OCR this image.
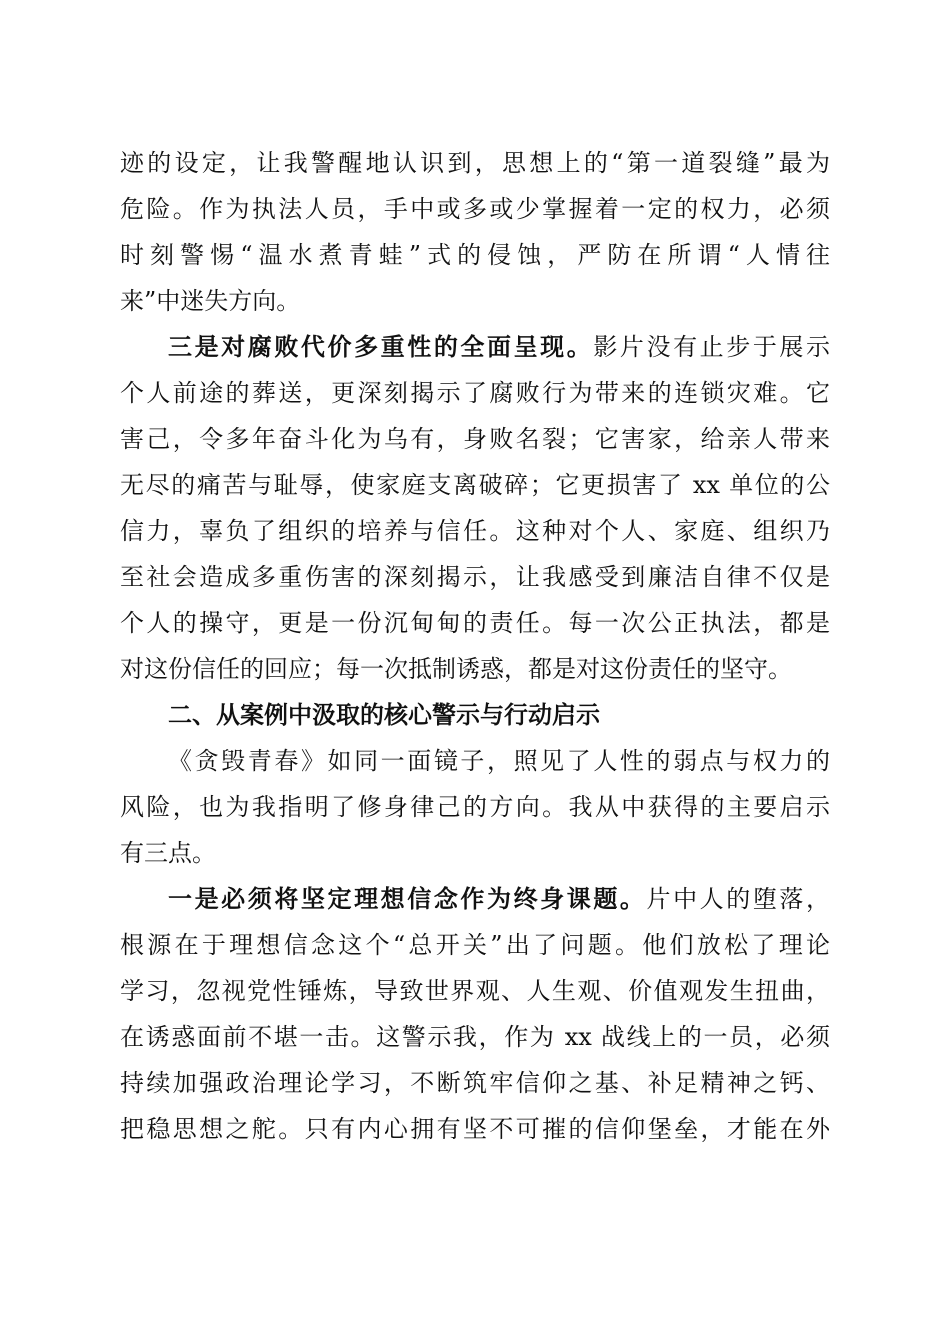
迹的设定，让我警醒地认识到，思想上的“第一道裂缝”最为
危险。作为执法人员，手中或多或少掌握着一定的权力，必须
时刻警惕“温水煮青蛙”式的侵蚀，严防在所谓“人情往
来”中迷失方向。
三是对腐败代价多重性的全面呈现。影片没有止步于展示
个人前途的葬送，更深刻揭示了腐败行为带来的连锁灾难。它
害己，令多年奋斗化为乌有，身败名裂；它害家，给亲人带来
无尽的痛苦与耻辱，使家庭支离破碎；它更损害了 xx 单位的公
信力，辜负了组织的培养与信任。这种对个人、家庭、组织乃
至社会造成多重伤害的深刻揭示，让我感受到廉洁自律不仅是
个人的操守，更是一份沉甸甸的责任。每一次公正执法，都是
对这份信任的回应；每一次抵制诱惑，都是对这份责任的坚守。
二、从案例中汲取的核心警示与行动启示
《贪毁青春》如同一面镜子，照见了人性的弱点与权力的
风险，也为我指明了修身律己的方向。我从中获得的主要启示
有三点。
一是必须将坚定理想信念作为终身课题。片中人的堕落，
根源在于理想信念这个“总开关”出了问题。他们放松了理论
学习，忽视党性锤炼，导致世界观、人生观、价值观发生扭曲，
在诱惑面前不堪一击。这警示我，作为 xx 战线上的一员，必须
持续加强政治理论学习，不断筑牢信仰之基、补足精神之钙、
把稳思想之舵。只有内心拥有坚不可摧的信仰堡垒，才能在外
